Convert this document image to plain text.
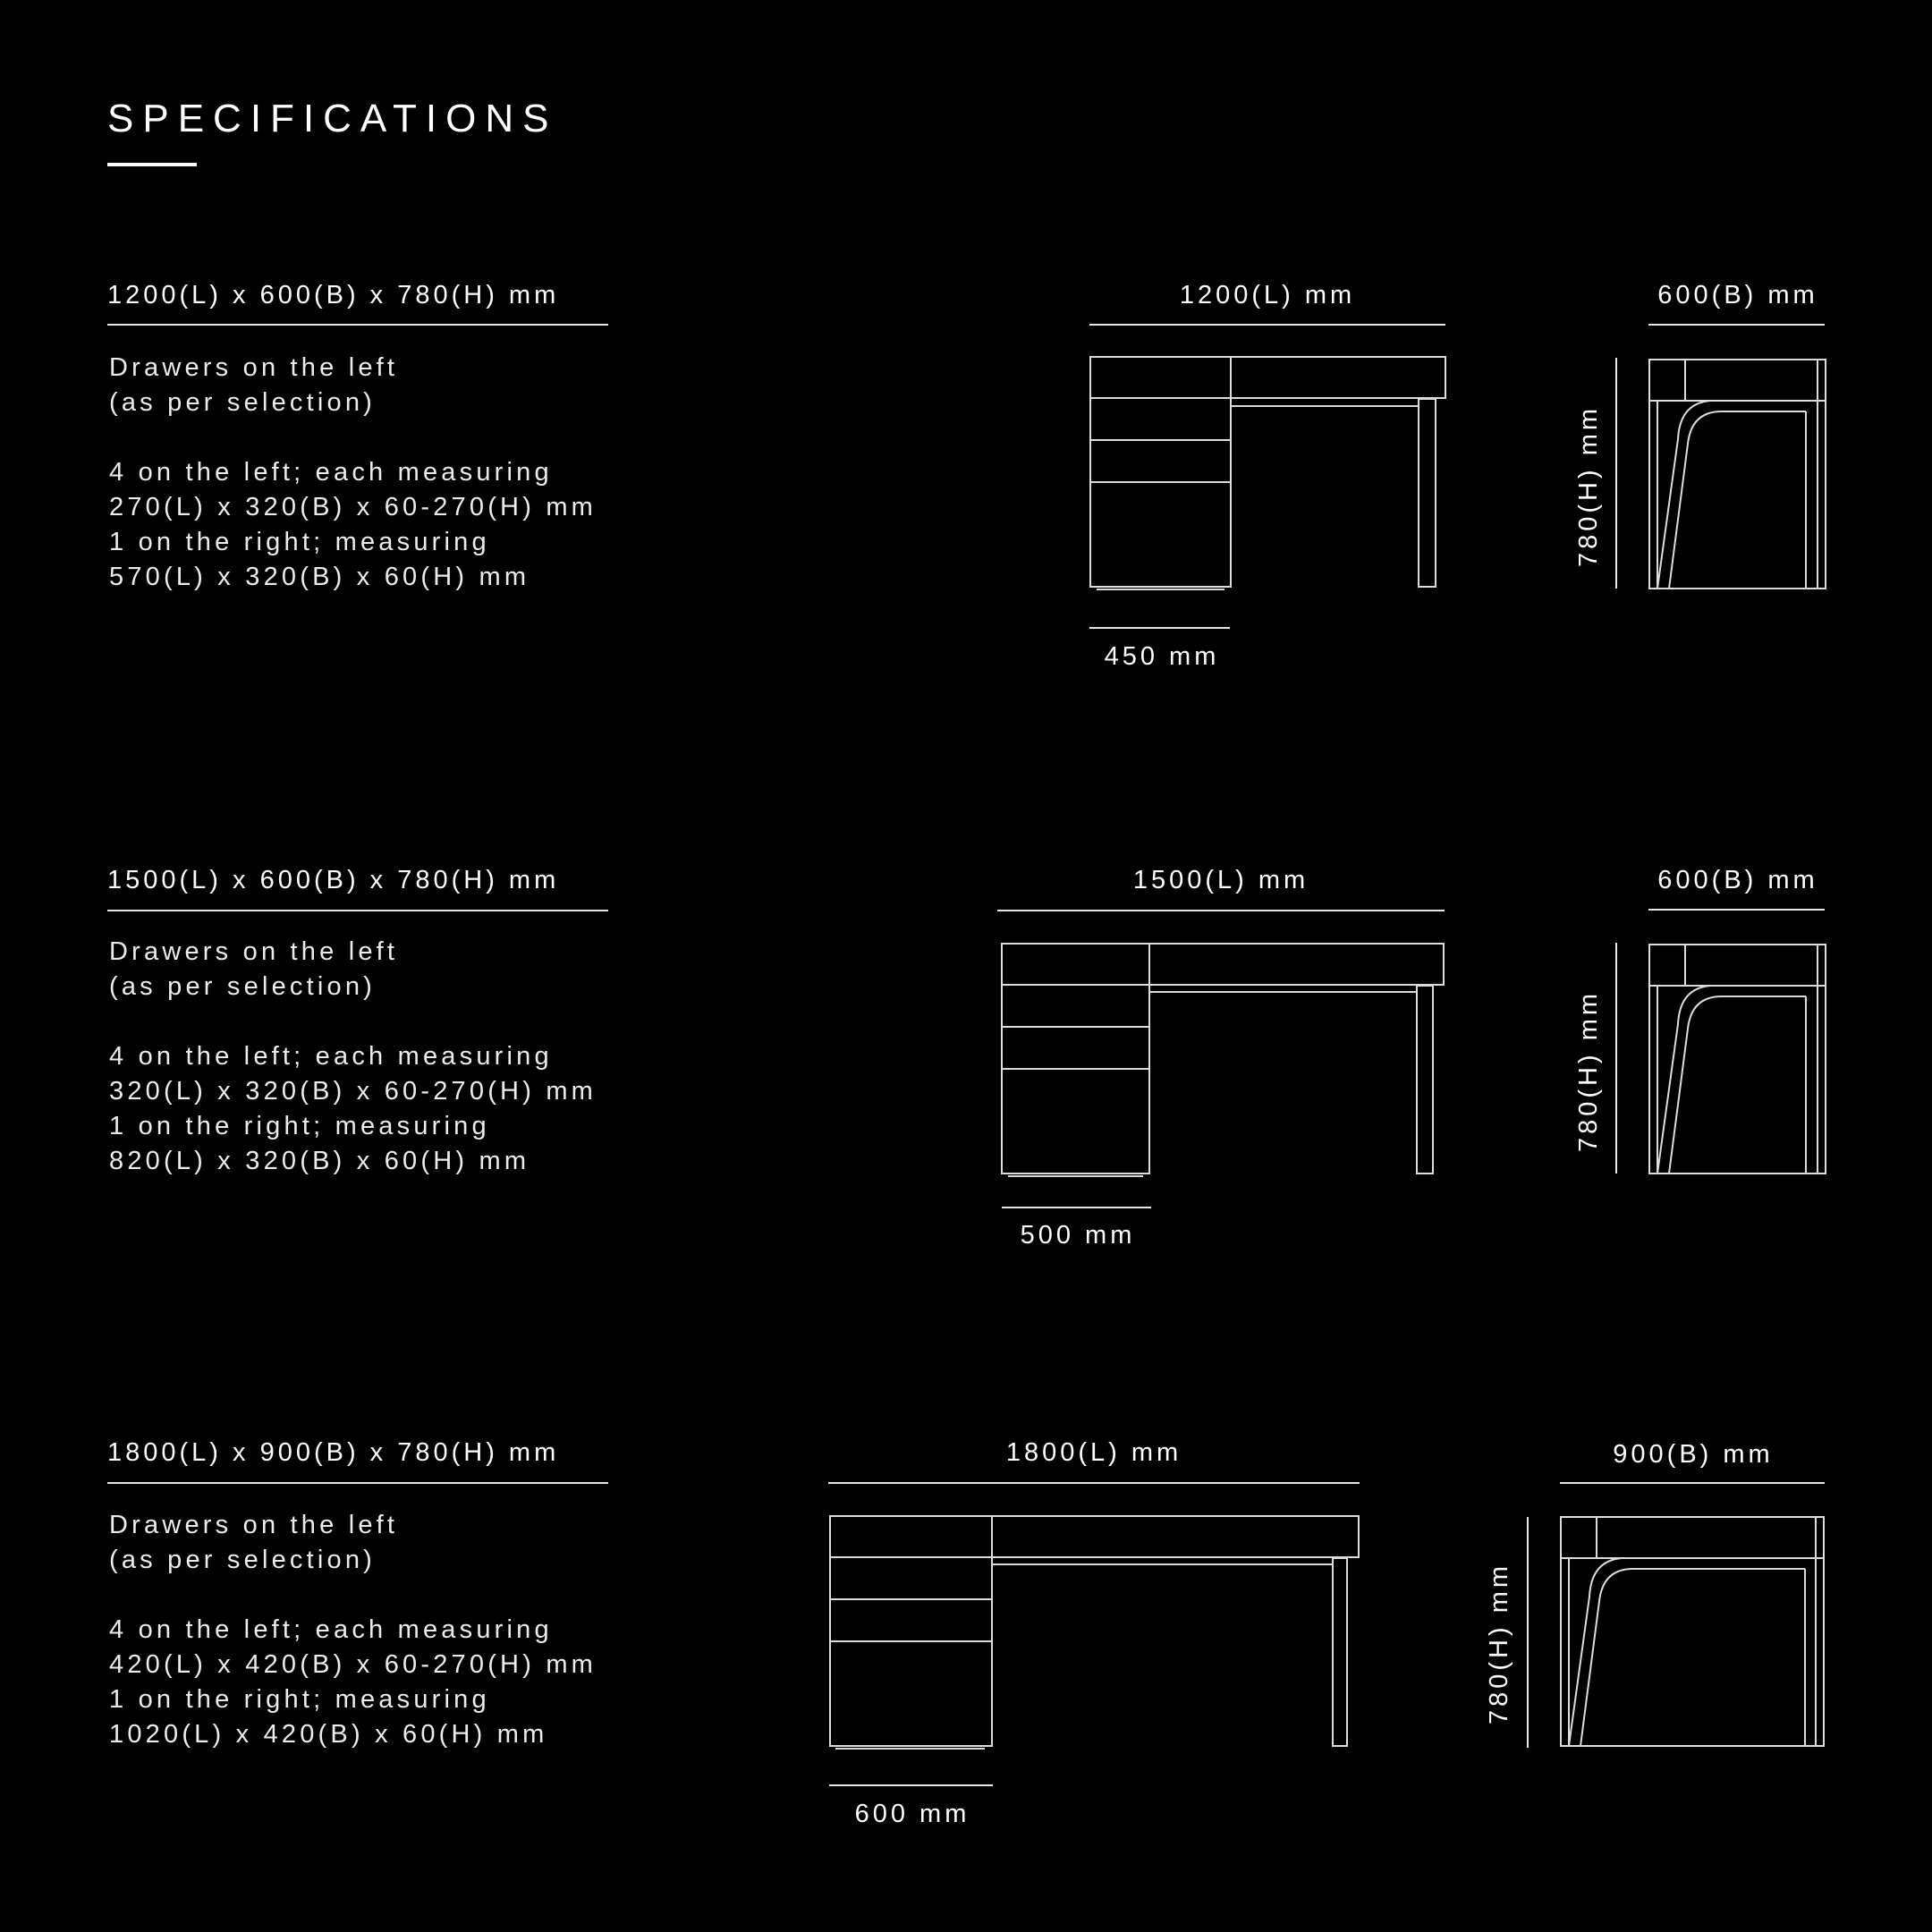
SPECIFICATIONS
1200(L) x 600(B) x 780(H) mm
Drawers on the left
(as per selection)

4 on the left; each measuring
270(L) x 320(B) x 60-270(H) mm
1 on the right; measuring
570(L) x 320(B) x 60(H) mm
1200(L) mm
450 mm
600(B) mm
780(H) mm
1500(L) x 600(B) x 780(H) mm
Drawers on the left
(as per selection)

4 on the left; each measuring
320(L) x 320(B) x 60-270(H) mm
1 on the right; measuring
820(L) x 320(B) x 60(H) mm
1500(L) mm
500 mm
600(B) mm
780(H) mm
1800(L) x 900(B) x 780(H) mm
Drawers on the left
(as per selection)

4 on the left; each measuring
420(L) x 420(B) x 60-270(H) mm
1 on the right; measuring
1020(L) x 420(B) x 60(H) mm
1800(L) mm
600 mm
900(B) mm
780(H) mm
